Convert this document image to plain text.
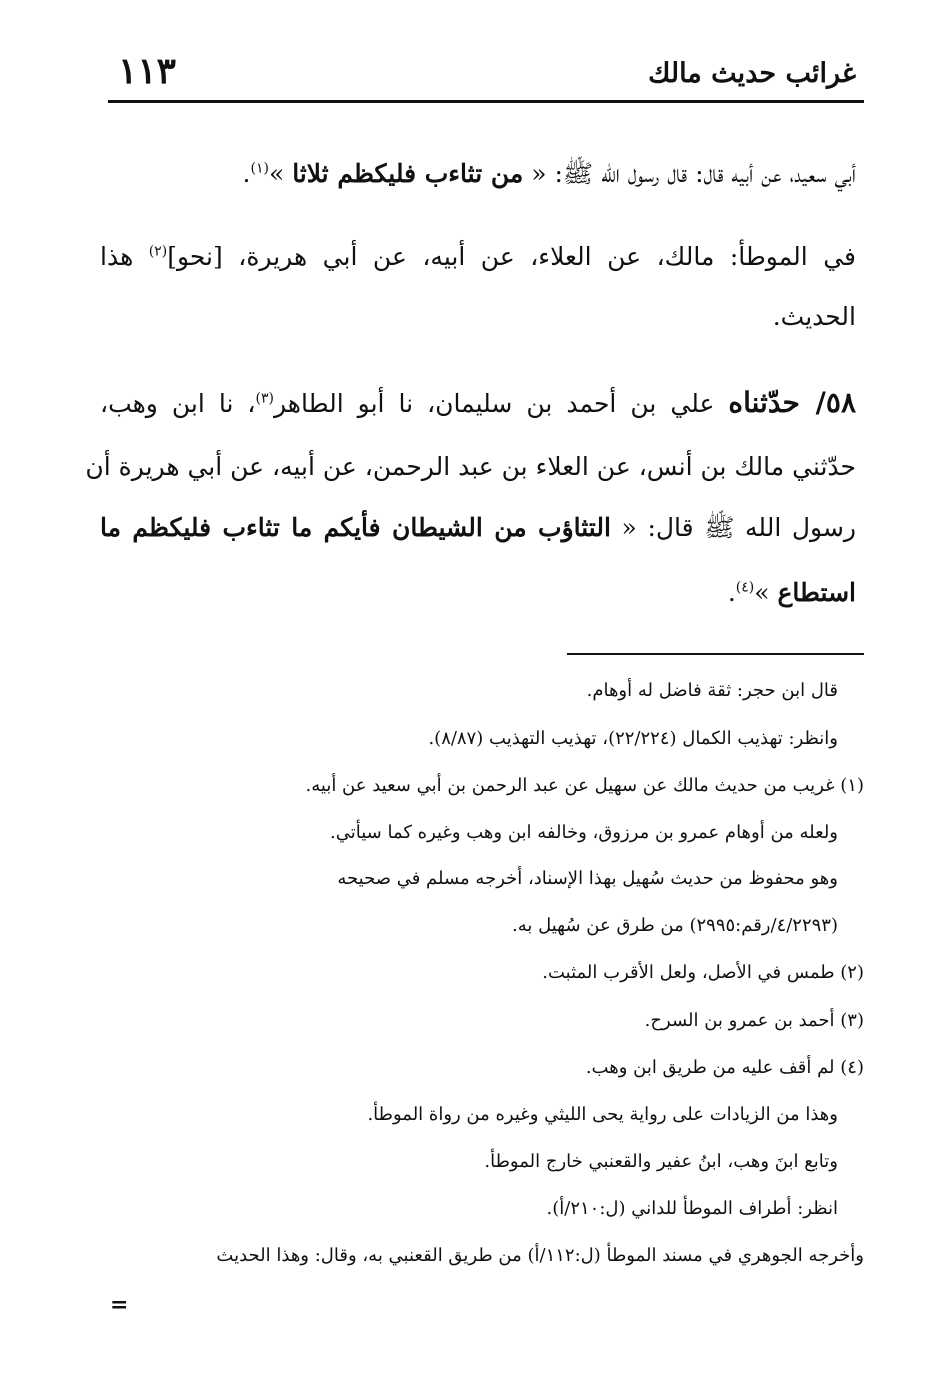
غرائب حديث مالك
١١٣
أبي سعيد، عن أبيه قال: قال رسول الله ﷺ: « من تثاءب فليكظم ثلاثا »$^{(١)}$.
في الموطأ: مالك، عن العلاء، عن أبيه، عن أبي هريرة، [نحو]$^{(٢)}$ هذا
الحديث.
٥٨/ حدّثناه علي بن أحمد بن سليمان، نا أبو الطاهر$^{(٣)}$، نا ابن وهب،
حدّثني مالك بن أنس، عن العلاء بن عبد الرحمن، عن أبيه، عن أبي هريرة أن
رسول الله ﷺ قال: « التثاؤب من الشيطان فأيكم ما تثاءب فليكظم ما
استطاع »$^{(٤)}$.
قال ابن حجر: ثقة فاضل له أوهام.
وانظر: تهذيب الكمال (٢٢/٢٢٤)، تهذيب التهذيب (٨/٨٧).
(١) غريب من حديث مالك عن سهيل عن عبد الرحمن بن أبي سعيد عن أبيه.
ولعله من أوهام عمرو بن مرزوق، وخالفه ابن وهب وغيره كما سيأتي.
وهو محفوظ من حديث سُهيل بهذا الإسناد، أخرجه مسلم في صحيحه
(٤/٢٢٩٣/رقم:٢٩٩٥) من طرق عن سُهيل به.
(٢) طمس في الأصل، ولعل الأقرب المثبت.
(٣) أحمد بن عمرو بن السرح.
(٤) لم أقف عليه من طريق ابن وهب.
وهذا من الزيادات على رواية يحى الليثي وغيره من رواة الموطأ.
وتابع ابنَ وهب، ابنُ عفير والقعنبي خارج الموطأ.
انظر: أطراف الموطأ للداني (ل:٢١٠/أ).
وأخرجه الجوهري في مسند الموطأ (ل:١١٢/أ) من طريق القعنبي به، وقال: وهذا الحديث
=
